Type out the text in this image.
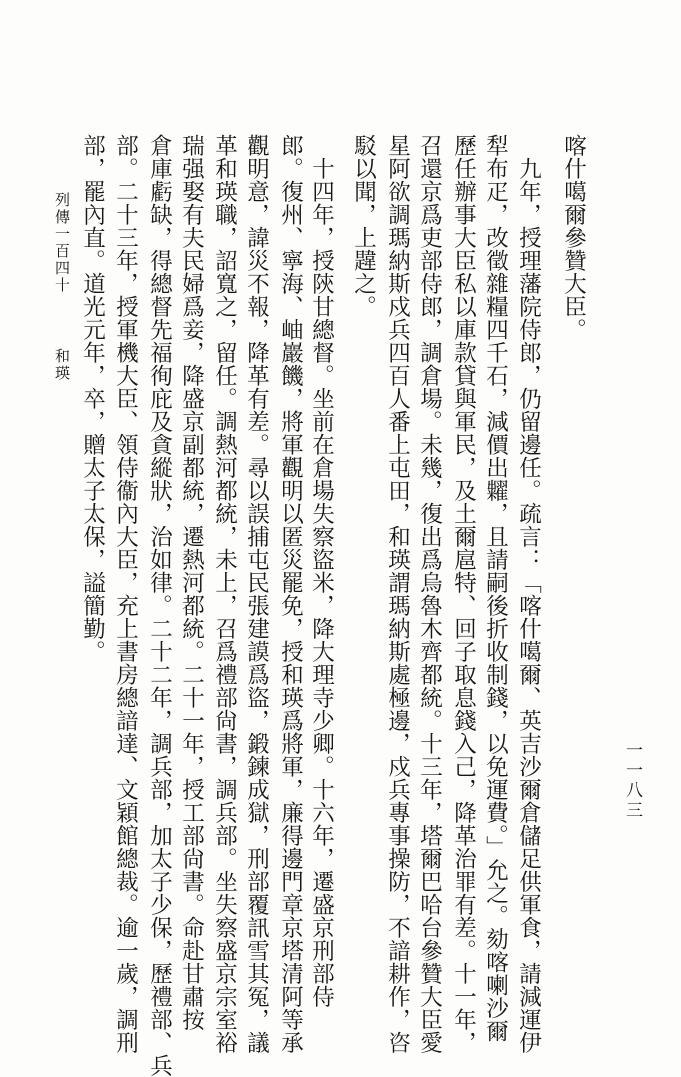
喀什噶爾參贊大臣。
九年，授理藩院侍郎，仍留邊任。疏言：「喀什噶爾、英吉沙爾倉儲足供軍食，請減運伊
犁布疋，改徵雜糧四千石，減價出糶，且請嗣後折收制錢，以免運費。」允之。劾喀喇沙爾
歷任辦事大臣私以庫款貸與軍民，及土爾扈特、回子取息錢入己，降革治罪有差。十一年，
召還京爲吏部侍郎，調倉場。未幾，復出爲烏魯木齊都統。十三年，塔爾巴哈台參贊大臣愛
星阿欲調瑪納斯戍兵四百人番上屯田，和瑛謂瑪納斯處極邊，戍兵專事操防，不諳耕作，咨
駁以聞，上韙之。
十四年，授陝甘總督。坐前在倉場失察盜米，降大理寺少卿。十六年，遷盛京刑部侍
郎。復州、寧海、岫巖饑，將軍觀明以匿災罷免，授和瑛爲將軍，廉得邊門章京塔清阿等承
觀明意，諱災不報，降革有差。尋以誤捕屯民張建謨爲盜，鍛鍊成獄，刑部覆訊雪其冤，議
革和瑛職，詔寬之，留任。調熱河都統，未上，召爲禮部尙書，調兵部。坐失察盛京宗室裕
瑞强娶有夫民婦爲妾，降盛京副都統，遷熱河都統。二十一年，授工部尙書。命赴甘肅按
倉庫虧缺，得總督先福徇庇及貪縱狀，治如律。二十二年，調兵部，加太子少保，歷禮部、兵
部。二十三年，授軍機大臣、領侍衞內大臣，充上書房總諳達、文穎館總裁。逾一歲，調刑
部，罷內直。道光元年，卒，贈太子太保，謚簡勤。
列傳一百四十
和瑛
一一八三
